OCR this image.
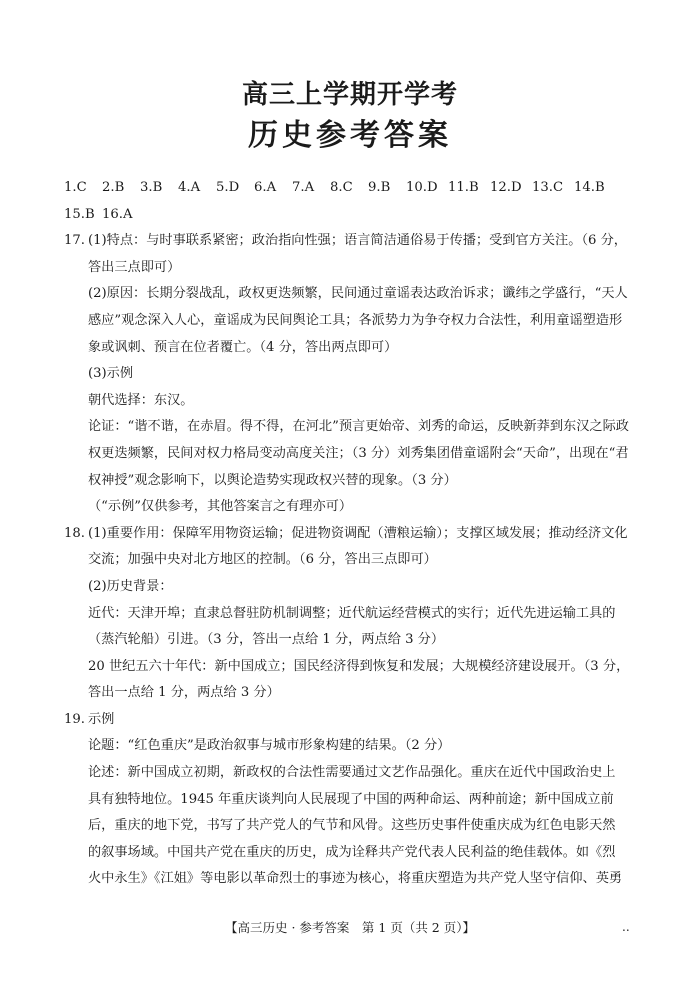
高三上学期开学考
历史参考答案
1.C 2.B 3.B 4.A 5.D 6.A 7.A 8.C 9.B 10.D 11.B 12.D 13.C 14.B
15.B 16.A
17. (1)特点：与时事联系紧密；政治指向性强；语言简洁通俗易于传播；受到官方关注。（6 分，
答出三点即可）
(2)原因：长期分裂战乱，政权更迭频繁，民间通过童谣表达政治诉求；谶纬之学盛行，“天人
感应”观念深入人心，童谣成为民间舆论工具；各派势力为争夺权力合法性，利用童谣塑造形
象或讽刺、预言在位者覆亡。（4 分，答出两点即可）
(3)示例
朝代选择：东汉。
论证：“谐不谐，在赤眉。得不得，在河北”预言更始帝、刘秀的命运，反映新莽到东汉之际政
权更迭频繁，民间对权力格局变动高度关注；（3 分）刘秀集团借童谣附会“天命”，出现在“君
权神授”观念影响下，以舆论造势实现政权兴替的现象。（3 分）
（“示例”仅供参考，其他答案言之有理亦可）
18. (1)重要作用：保障军用物资运输；促进物资调配（漕粮运输）；支撑区域发展；推动经济文化
交流；加强中央对北方地区的控制。（6 分，答出三点即可）
(2)历史背景：
近代：天津开埠；直隶总督驻防机制调整；近代航运经营模式的实行；近代先进运输工具的
（蒸汽轮船）引进。（3 分，答出一点给 1 分，两点给 3 分）
20 世纪五六十年代：新中国成立；国民经济得到恢复和发展；大规模经济建设展开。（3 分，
答出一点给 1 分，两点给 3 分）
19. 示例
论题：“红色重庆”是政治叙事与城市形象构建的结果。（2 分）
论述：新中国成立初期，新政权的合法性需要通过文艺作品强化。重庆在近代中国政治史上
具有独特地位。1945 年重庆谈判向人民展现了中国的两种命运、两种前途；新中国成立前
后，重庆的地下党，书写了共产党人的气节和风骨。这些历史事件使重庆成为红色电影天然
的叙事场域。中国共产党在重庆的历史，成为诠释共产党代表人民利益的绝佳载体。如《烈
火中永生》《江姐》等电影以革命烈士的事迹为核心，将重庆塑造为共产党人坚守信仰、英勇
【高三历史 · 参考答案　第 1 页（共 2 页）】	..
